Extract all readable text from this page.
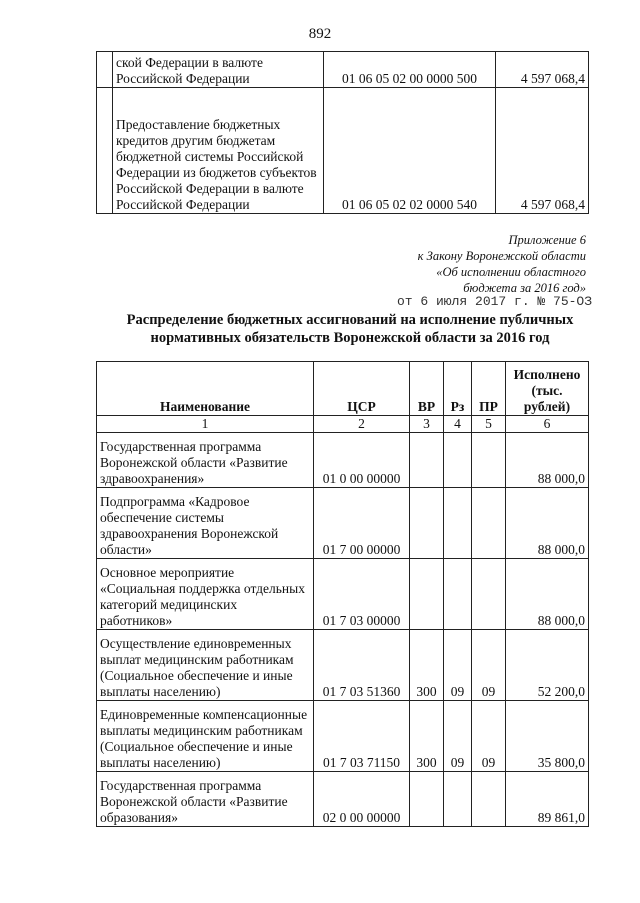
892
	ской Федерации в валюте Российской Федерации	01 06 05 02 00 0000 500	4 597 068,4
	Предоставление бюджетных кредитов другим бюджетам бюджетной системы Российской Федерации из бюджетов субъектов Российской Федерации в валюте Российской Федерации	01 06 05 02 02 0000 540	4 597 068,4
Приложение 6
к Закону Воронежской области
«Об исполнении областного
бюджета за 2016 год»
от 6 июля 2017 г. № 75-ОЗ
Распределение бюджетных ассигнований на исполнение публичных
нормативных обязательств Воронежской области за 2016 год
Наименование	ЦСР	ВР	Рз	ПР	Исполнено (тыс. рублей)
1	2	3	4	5	6
Государственная программа Воронежской области «Развитие здравоохранения»	01 0 00 00000				88 000,0
Подпрограмма «Кадровое обеспечение системы здравоохранения Воронежской области»	01 7 00 00000				88 000,0
Основное мероприятие «Социальная поддержка отдельных категорий медицинских работников»	01 7 03 00000				88 000,0
Осуществление единовременных выплат медицинским работникам (Социальное обеспечение и иные выплаты населению)	01 7 03 51360	300	09	09	52 200,0
Единовременные компенсационные выплаты медицинским работникам (Социальное обеспечение и иные выплаты населению)	01 7 03 71150	300	09	09	35 800,0
Государственная программа Воронежской области «Развитие образования»	02 0 00 00000				89 861,0
